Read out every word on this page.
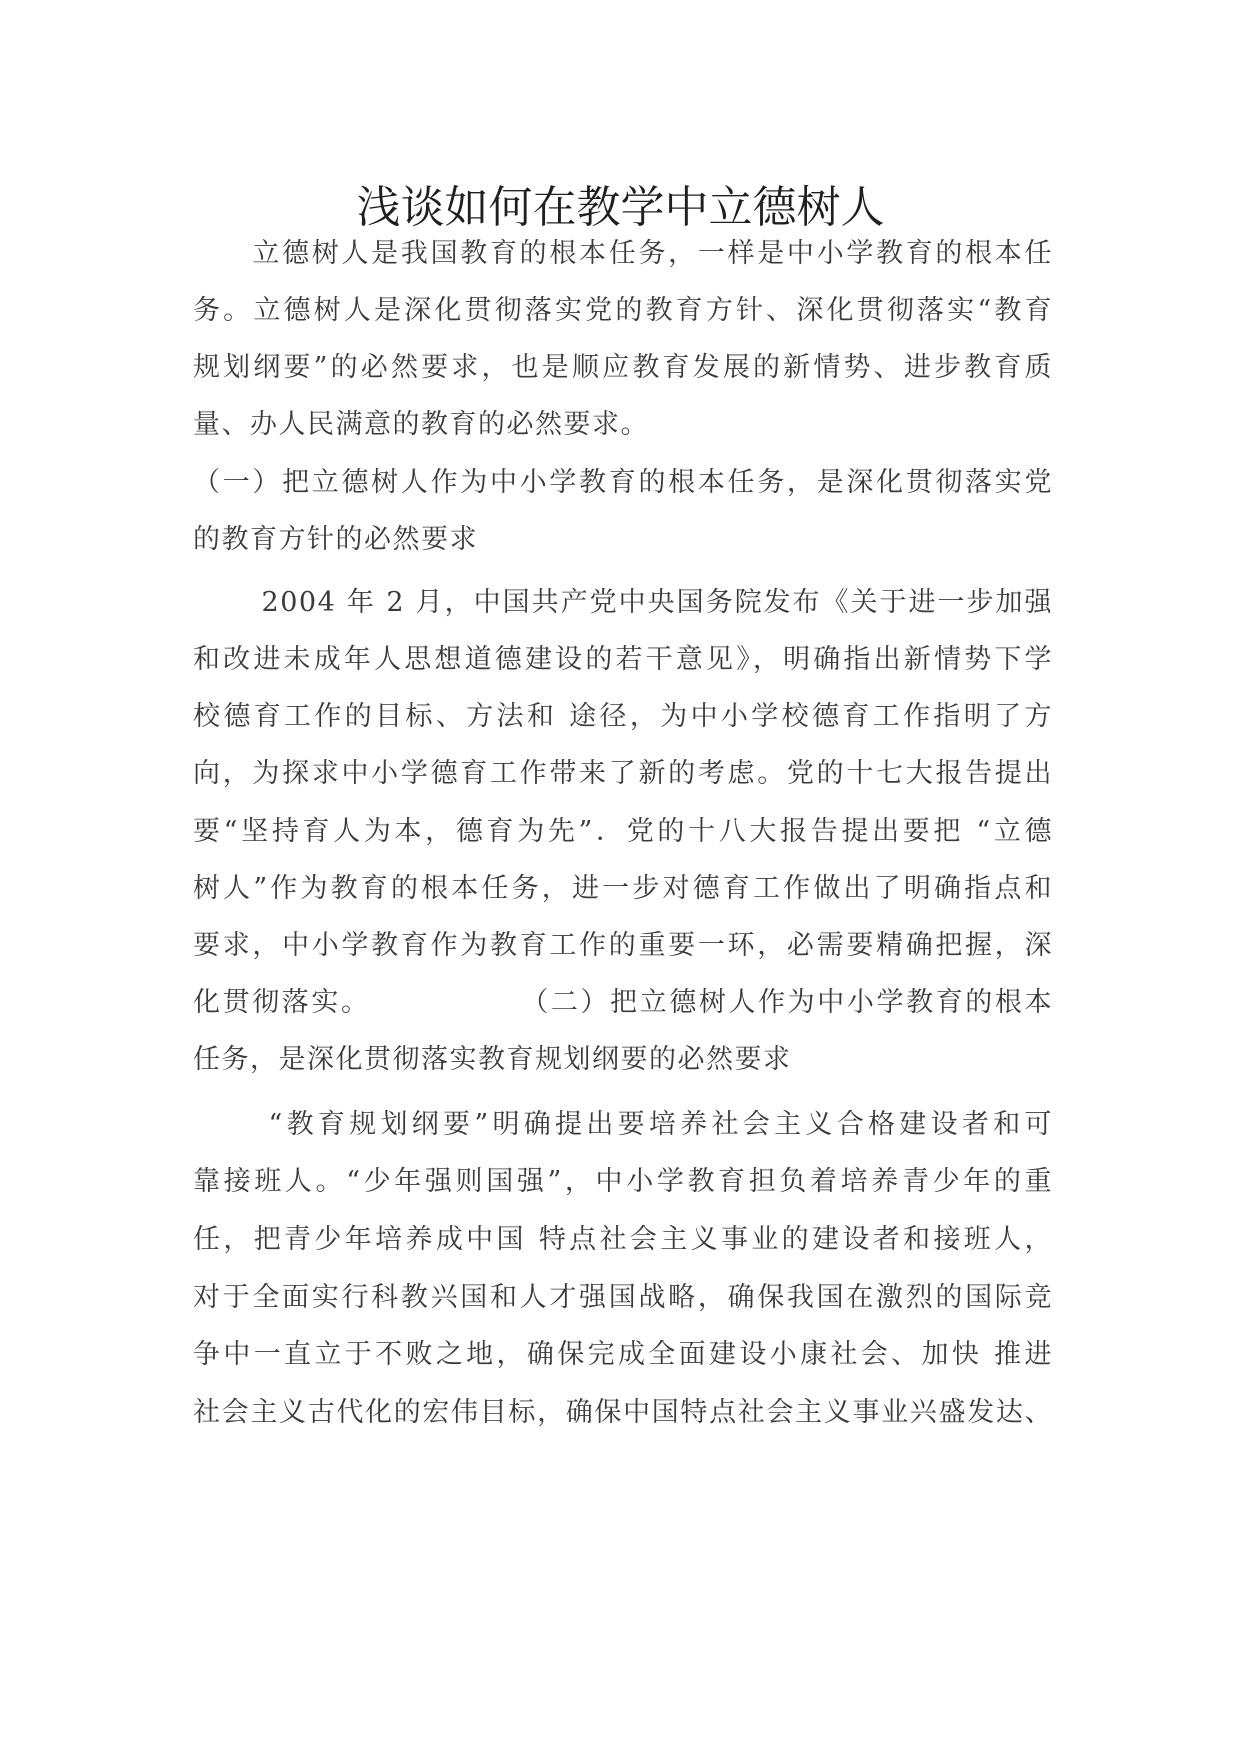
浅谈如何在教学中立德树人
　　立德树人是我国教育的根本任务，一样是中小学教育的根本任
务。立德树人是深化贯彻落实党的教育方针、深化贯彻落实“教育
规划纲要”的必然要求，也是顺应教育发展的新情势、进步教育质
量、办人民满意的教育的必然要求。
（一）把立德树人作为中小学教育的根本任务，是深化贯彻落实党
的教育方针的必然要求
　　 2004 年 2 月，中国共产党中央国务院发布《关于进一步加强
和改进未成年人思想道德建设的若干意见》，明确指出新情势下学
校德育工作的目标、方法和 途径，为中小学校德育工作指明了方
向，为探求中小学德育工作带来了新的考虑。党的十七大报告提出
要“坚持育人为本，德育为先”．党的十八大报告提出要把 “立德
树人”作为教育的根本任务，进一步对德育工作做出了明确指点和
要求，中小学教育作为教育工作的重要一环，必需要精确把握，深
化贯彻落实。　　　　　　（二）把立德树人作为中小学教育的根本
任务，是深化贯彻落实教育规划纲要的必然要求
　　 “教育规划纲要”明确提出要培养社会主义合格建设者和可
靠接班人。“少年强则国强”，中小学教育担负着培养青少年的重
任，把青少年培养成中国 特点社会主义事业的建设者和接班人，
对于全面实行科教兴国和人才强国战略，确保我国在激烈的国际竞
争中一直立于不败之地，确保完成全面建设小康社会、加快 推进
社会主义古代化的宏伟目标，确保中国特点社会主义事业兴盛发达、
